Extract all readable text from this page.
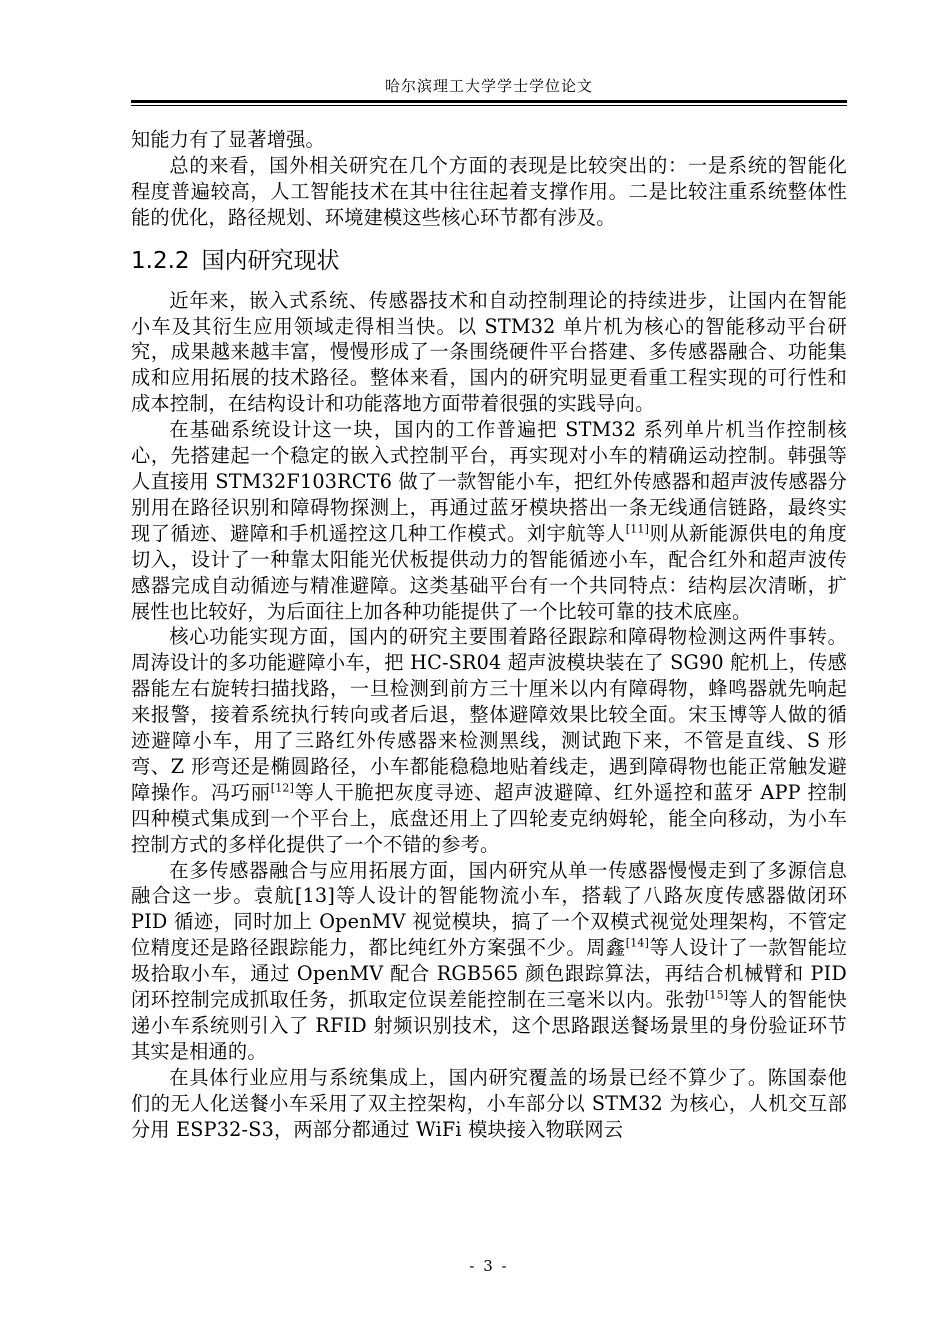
哈尔滨理工大学学士学位论文

知能力有了显著增强。

总的来看，国外相关研究在几个方面的表现是比较突出的：一是系统的智能化程度普遍较高，人工智能技术在其中往往起着支撑作用。二是比较注重系统整体性能的优化，路径规划、环境建模这些核心环节都有涉及。

1.2.2 国内研究现状

近年来，嵌入式系统、传感器技术和自动控制理论的持续进步，让国内在智能小车及其衍生应用领域走得相当快。以 STM32 单片机为核心的智能移动平台研究，成果越来越丰富，慢慢形成了一条围绕硬件平台搭建、多传感器融合、功能集成和应用拓展的技术路径。整体来看，国内的研究明显更看重工程实现的可行性和成本控制，在结构设计和功能落地方面带着很强的实践导向。

在基础系统设计这一块，国内的工作普遍把 STM32 系列单片机当作控制核心，先搭建起一个稳定的嵌入式控制平台，再实现对小车的精确运动控制。韩强等人直接用 STM32F103RCT6 做了一款智能小车，把红外传感器和超声波传感器分别用在路径识别和障碍物探测上，再通过蓝牙模块搭出一条无线通信链路，最终实现了循迹、避障和手机遥控这几种工作模式。刘宇航等人[11]则从新能源供电的角度切入，设计了一种靠太阳能光伏板提供动力的智能循迹小车，配合红外和超声波传感器完成自动循迹与精准避障。这类基础平台有一个共同特点：结构层次清晰，扩展性也比较好，为后面往上加各种功能提供了一个比较可靠的技术底座。

核心功能实现方面，国内的研究主要围着路径跟踪和障碍物检测这两件事转。周涛设计的多功能避障小车，把 HC-SR04 超声波模块装在了 SG90 舵机上，传感器能左右旋转扫描找路，一旦检测到前方三十厘米以内有障碍物，蜂鸣器就先响起来报警，接着系统执行转向或者后退，整体避障效果比较全面。宋玉博等人做的循迹避障小车，用了三路红外传感器来检测黑线，测试跑下来，不管是直线、S 形弯、Z 形弯还是椭圆路径，小车都能稳稳地贴着线走，遇到障碍物也能正常触发避障操作。冯巧丽[12]等人干脆把灰度寻迹、超声波避障、红外遥控和蓝牙 APP 控制四种模式集成到一个平台上，底盘还用上了四轮麦克纳姆轮，能全向移动，为小车控制方式的多样化提供了一个不错的参考。

在多传感器融合与应用拓展方面，国内研究从单一传感器慢慢走到了多源信息融合这一步。袁航[13]等人设计的智能物流小车，搭载了八路灰度传感器做闭环 PID 循迹，同时加上 OpenMV 视觉模块，搞了一个双模式视觉处理架构，不管定位精度还是路径跟踪能力，都比纯红外方案强不少。周鑫[14]等人设计了一款智能垃圾拾取小车，通过 OpenMV 配合 RGB565 颜色跟踪算法，再结合机械臂和 PID 闭环控制完成抓取任务，抓取定位误差能控制在三毫米以内。张勃[15]等人的智能快递小车系统则引入了 RFID 射频识别技术，这个思路跟送餐场景里的身份验证环节其实是相通的。

在具体行业应用与系统集成上，国内研究覆盖的场景已经不算少了。陈国泰他们的无人化送餐小车采用了双主控架构，小车部分以 STM32 为核心，人机交互部分用 ESP32-S3，两部分都通过 WiFi 模块接入物联网云

- 3 -
